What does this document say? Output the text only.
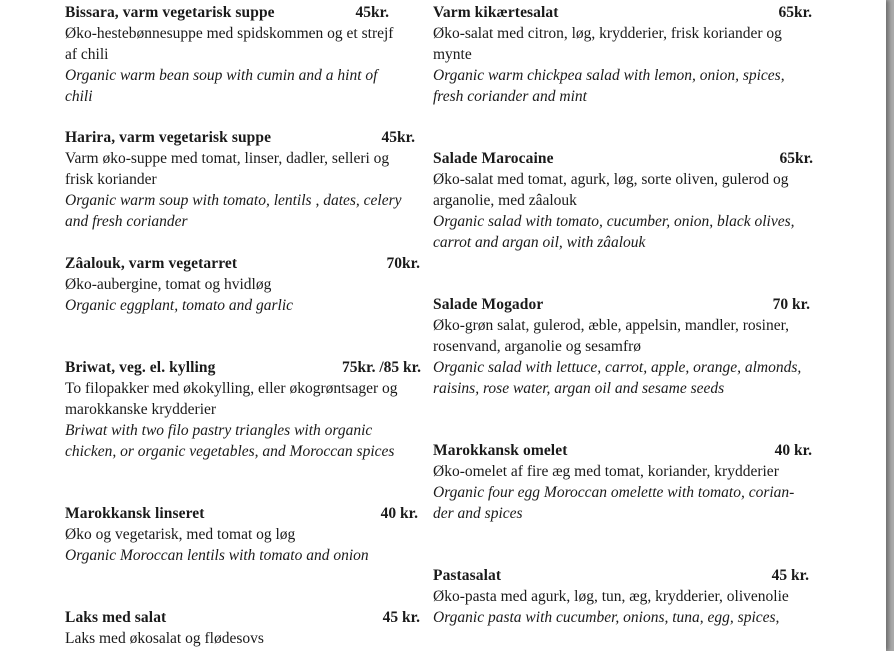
Bissara, varm vegetarisk suppe	45kr.

Øko-hestebønnesuppe med spidskommen og et strejf af chili

Organic warm bean soup with cumin and a hint of chili

Harira, varm vegetarisk suppe	45kr.

Varm øko-suppe med tomat, linser, dadler, selleri og frisk koriander

Organic warm soup with tomato, lentils , dates, celery and fresh coriander

Zâalouk, varm vegetarret	70kr.

Øko-aubergine, tomat og hvidløg

Organic eggplant, tomato and garlic

Briwat, veg. el. kylling	75kr. /85 kr.

To filopakker med økokylling, eller økogrøntsager og marokkanske krydderier

Briwat with two filo pastry triangles with organic chicken, or organic vegetables, and Moroccan spices

Marokkansk linseret	40 kr.

Øko og vegetarisk, med tomat og løg

Organic Moroccan lentils with tomato and onion

Laks med salat	45 kr.

Laks med økosalat og flødesovs

Varm kikærtesalat	65kr.

Øko-salat med citron, løg, krydderier, frisk koriander og mynte

Organic warm chickpea salad with lemon, onion, spices, fresh coriander and mint

Salade Marocaine	65kr.

Øko-salat med tomat, agurk, løg, sorte oliven, gulerod og arganolie, med zâalouk

Organic salad with tomato, cucumber, onion, black olives, carrot and argan oil, with zâalouk

Salade Mogador	70 kr.

Øko-grøn salat, gulerod, æble, appelsin, mandler, rosiner, rosenvand, arganolie og sesamfrø

Organic salad with lettuce, carrot, apple, orange, almonds, raisins, rose water, argan oil and sesame seeds

Marokkansk omelet	40 kr.

Øko-omelet af fire æg med tomat, koriander, krydderier

Organic four egg Moroccan omelette with tomato, corian-der and spices

Pastasalat	45 kr.

Øko-pasta med agurk, løg, tun, æg, krydderier, olivenolie

Organic pasta with cucumber, onions, tuna, egg, spices,
